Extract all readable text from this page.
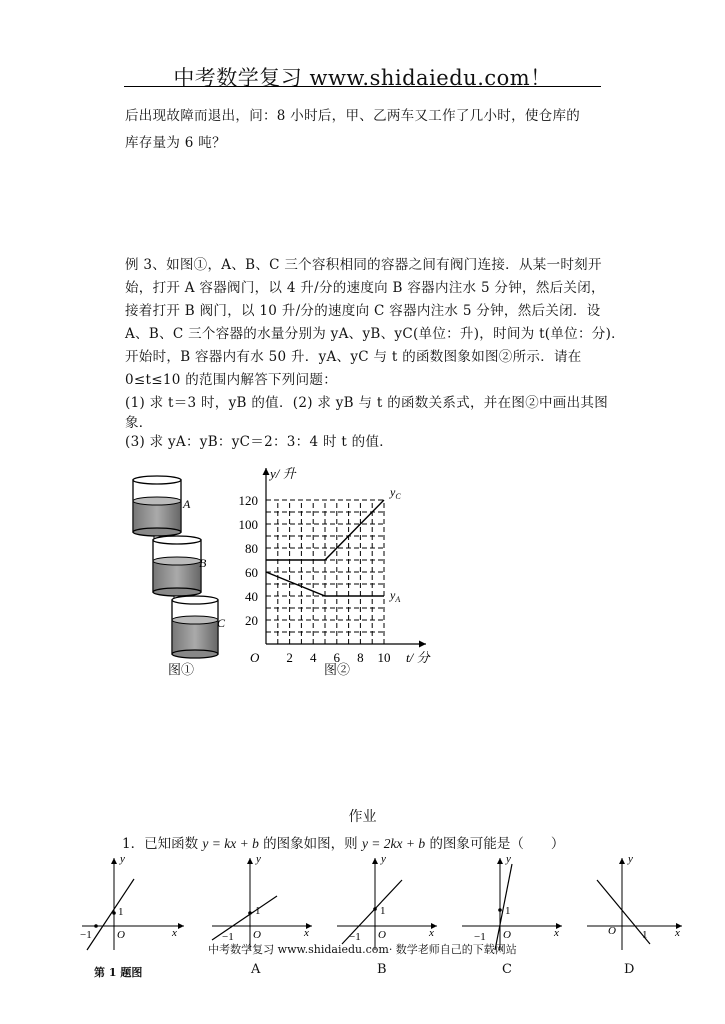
中考数学复习 www.shidaiedu.com！
后出现故障而退出，问：8 小时后，甲、乙两车又工作了几小时，使仓库的
库存量为 6 吨？
例 3、如图①，A、B、C 三个容积相同的容器之间有阀门连接．从某一时刻开
始，打开 A 容器阀门，以 4 升/分的速度向 B 容器内注水 5 分钟，然后关闭，
接着打开 B 阀门，以 10 升/分的速度向 C 容器内注水 5 分钟，然后关闭．设
A、B、C 三个容器的水量分别为 yA、yB、yC(单位：升)，时间为 t(单位：分)．
开始时，B 容器内有水 50 升．yA、yC 与 t 的函数图象如图②所示．请在
0≤t≤10 的范围内解答下列问题：
(1) 求 t＝3 时，yB 的值．(2) 求 yB 与 t 的函数关系式，并在图②中画出其图
象．
(3) 求 yA：yB：yC＝2：3：4 时 t 的值．
A
B
C
图①
2 4 6 8 10
20
40
60
80
100
120
$y_A$
$y_C$
y/ 升
t/ 分
O
图②
作业
1．已知函数 y = kx + b 的图象如图，则 y = 2kx + b 的图象可能是（　　）
y
x
O
−1
1
y
x
O
−1
1
y
x
O
−1
1
y
x
O
−1
1
y
x
O 1
中考数学复习 www.shidaiedu.com· 数学老师自己的下载网站
第 1 题图	A	B	C	D
